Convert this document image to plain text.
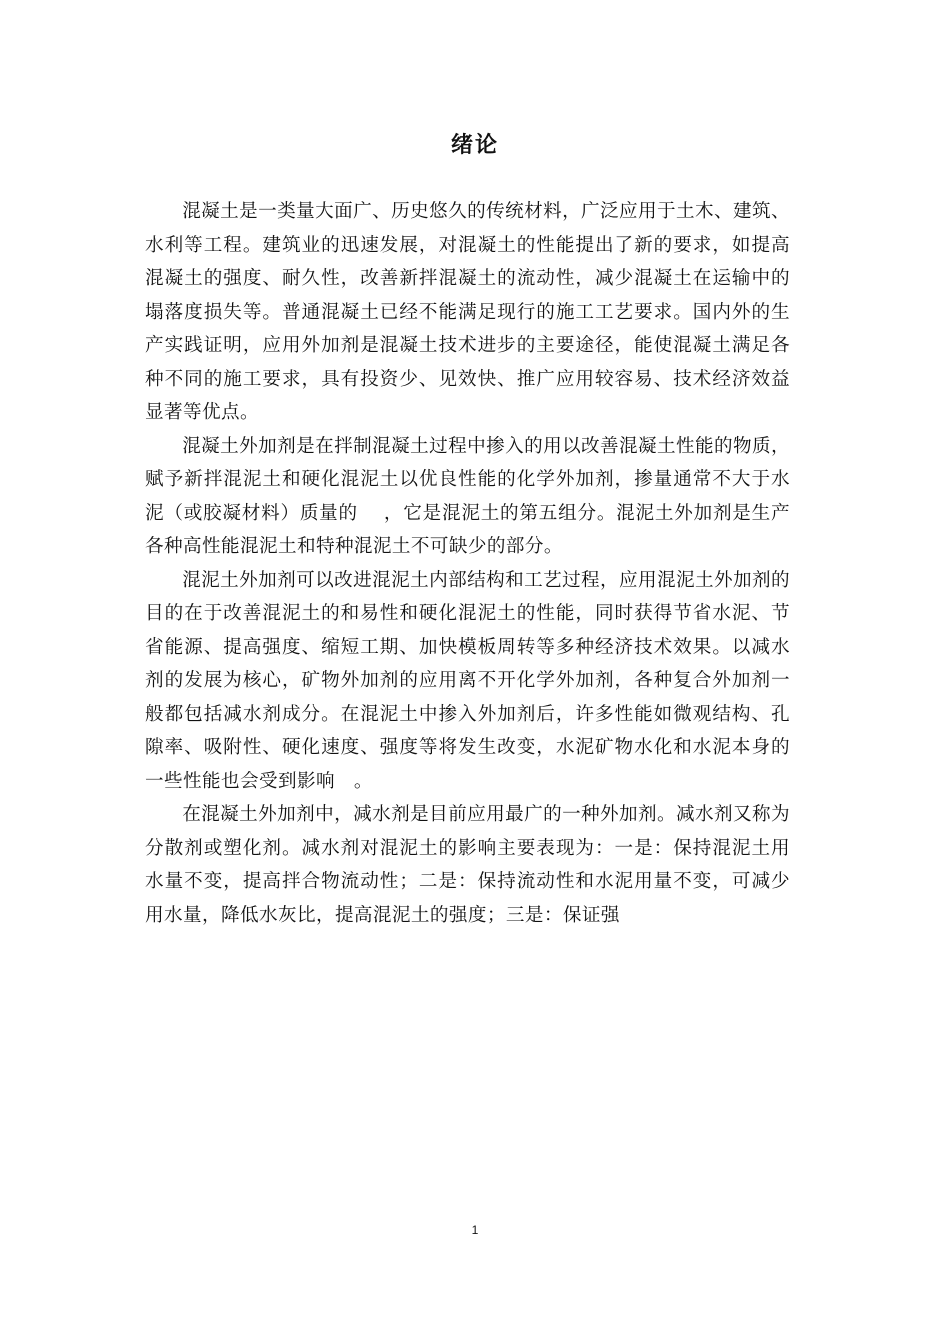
绪论

混凝土是一类量大面广、历史悠久的传统材料，广泛应用于土木、建筑、水利等工程。建筑业的迅速发展，对混凝土的性能提出了新的要求，如提高混凝土的强度、耐久性，改善新拌混凝土的流动性，减少混凝土在运输中的塌落度损失等。普通混凝土已经不能满足现行的施工工艺要求。国内外的生产实践证明，应用外加剂是混凝土技术进步的主要途径，能使混凝土满足各种不同的施工要求，具有投资少、见效快、推广应用较容易、技术经济效益显著等优点。

混凝土外加剂是在拌制混凝土过程中掺入的用以改善混凝土性能的物质，赋予新拌混泥土和硬化混泥土以优良性能的化学外加剂，掺量通常不大于水泥（或胶凝材料）质量的　 ，它是混泥土的第五组分。混泥土外加剂是生产各种高性能混泥土和特种混泥土不可缺少的部分。

混泥土外加剂可以改进混泥土内部结构和工艺过程，应用混泥土外加剂的目的在于改善混泥土的和易性和硬化混泥土的性能，同时获得节省水泥、节省能源、提高强度、缩短工期、加快模板周转等多种经济技术效果。以减水剂的发展为核心，矿物外加剂的应用离不开化学外加剂，各种复合外加剂一般都包括减水剂成分。在混泥土中掺入外加剂后，许多性能如微观结构、孔隙率、吸附性、硬化速度、强度等将发生改变，水泥矿物水化和水泥本身的一些性能也会受到影响　。

在混凝土外加剂中，减水剂是目前应用最广的一种外加剂。减水剂又称为分散剂或塑化剂。减水剂对混泥土的影响主要表现为：一是：保持混泥土用水量不变，提高拌合物流动性；二是：保持流动性和水泥用量不变，可减少用水量，降低水灰比，提高混泥土的强度；三是：保证强

1
